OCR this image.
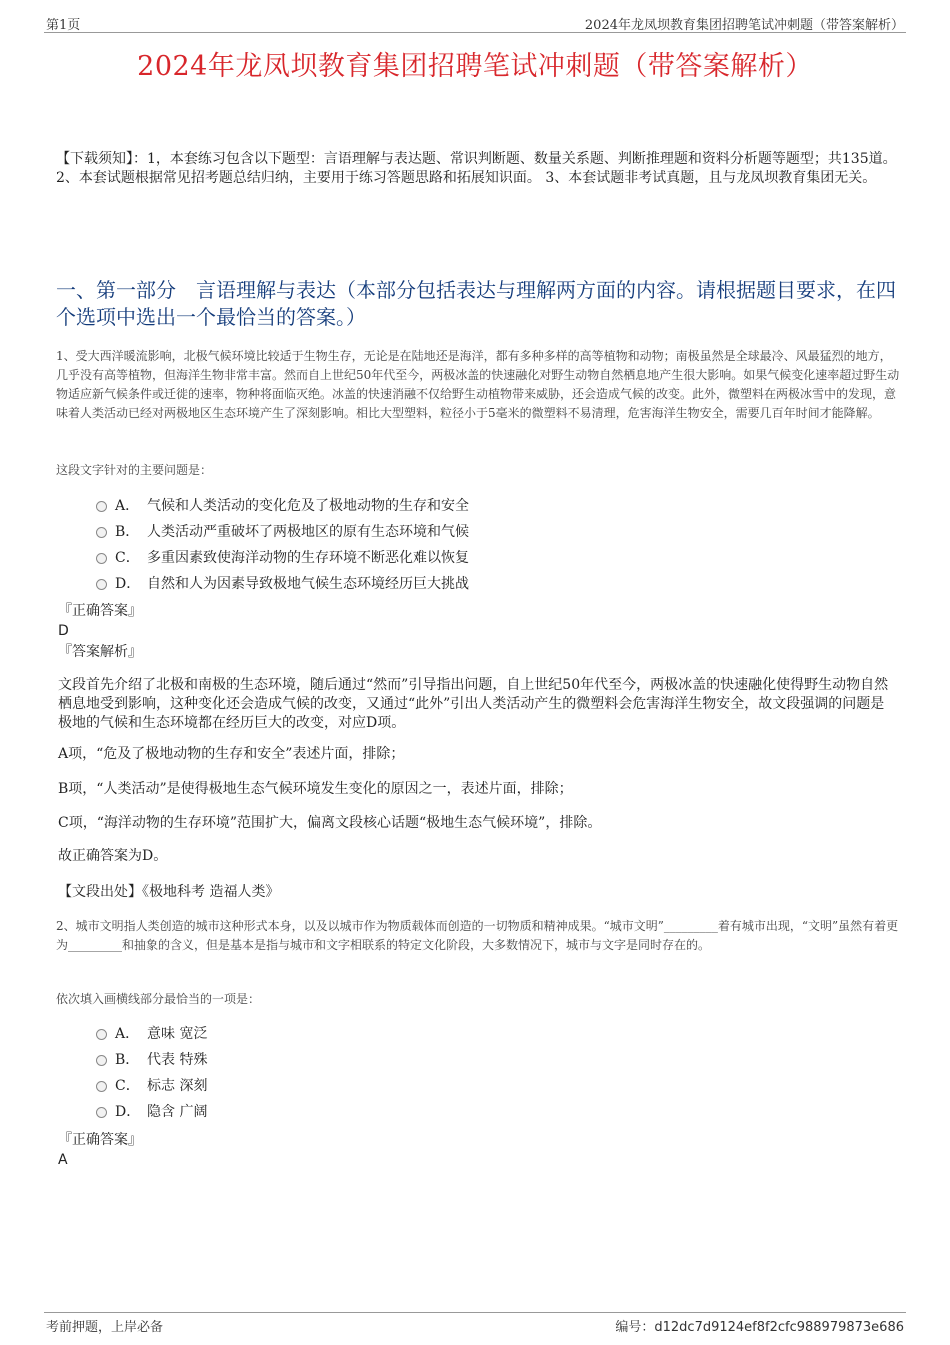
第1页	2024年龙凤坝教育集团招聘笔试冲刺题（带答案解析）
2024年龙凤坝教育集团招聘笔试冲刺题（带答案解析）
【下载须知】：1，本套练习包含以下题型：言语理解与表达题、常识判断题、数量关系题、判断推理题和资料分析题等题型；共135道。 2、本套试题根据常见招考题总结归纳，主要用于练习答题思路和拓展知识面。 3、本套试题非考试真题，且与龙凤坝教育集团无关。
一、第一部分　言语理解与表达（本部分包括表达与理解两方面的内容。请根据题目要求，在四个选项中选出一个最恰当的答案。）
1、受大西洋暖流影响，北极气候环境比较适于生物生存，无论是在陆地还是海洋，都有多种多样的高等植物和动物；南极虽然是全球最冷、风最猛烈的地方，几乎没有高等植物，但海洋生物非常丰富。然而自上世纪50年代至今，两极冰盖的快速融化对野生动物自然栖息地产生很大影响。如果气候变化速率超过野生动物适应新气候条件或迁徙的速率，物种将面临灭绝。冰盖的快速消融不仅给野生动植物带来威胁，还会造成气候的改变。此外，微塑料在两极冰雪中的发现，意味着人类活动已经对两极地区生态环境产生了深刻影响。相比大型塑料，粒径小于5毫米的微塑料不易清理，危害海洋生物安全，需要几百年时间才能降解。
这段文字针对的主要问题是：
A． 气候和人类活动的变化危及了极地动物的生存和安全
B． 人类活动严重破坏了两极地区的原有生态环境和气候
C． 多重因素致使海洋动物的生存环境不断恶化难以恢复
D． 自然和人为因素导致极地气候生态环境经历巨大挑战
『正确答案』
D
『答案解析』
文段首先介绍了北极和南极的生态环境，随后通过“然而”引导指出问题，自上世纪50年代至今，两极冰盖的快速融化使得野生动物自然栖息地受到影响，这种变化还会造成气候的改变，又通过“此外”引出人类活动产生的微塑料会危害海洋生物安全，故文段强调的问题是极地的气候和生态环境都在经历巨大的改变，对应D项。
A项，“危及了极地动物的生存和安全”表述片面，排除；
B项，“人类活动”是使得极地生态气候环境发生变化的原因之一，表述片面，排除；
C项，“海洋动物的生存环境”范围扩大，偏离文段核心话题“极地生态气候环境”，排除。
故正确答案为D。
【文段出处】《极地科考 造福人类》
2、城市文明指人类创造的城市这种形式本身，以及以城市作为物质载体而创造的一切物质和精神成果。“城市文明”_________着有城市出现，“文明”虽然有着更为_________和抽象的含义，但是基本是指与城市和文字相联系的特定文化阶段，大多数情况下，城市与文字是同时存在的。
依次填入画横线部分最恰当的一项是：
A． 意味 宽泛
B． 代表 特殊
C． 标志 深刻
D． 隐含 广阔
『正确答案』
A
考前押题，上岸必备	编号：d12dc7d9124ef8f2cfc988979873e686
